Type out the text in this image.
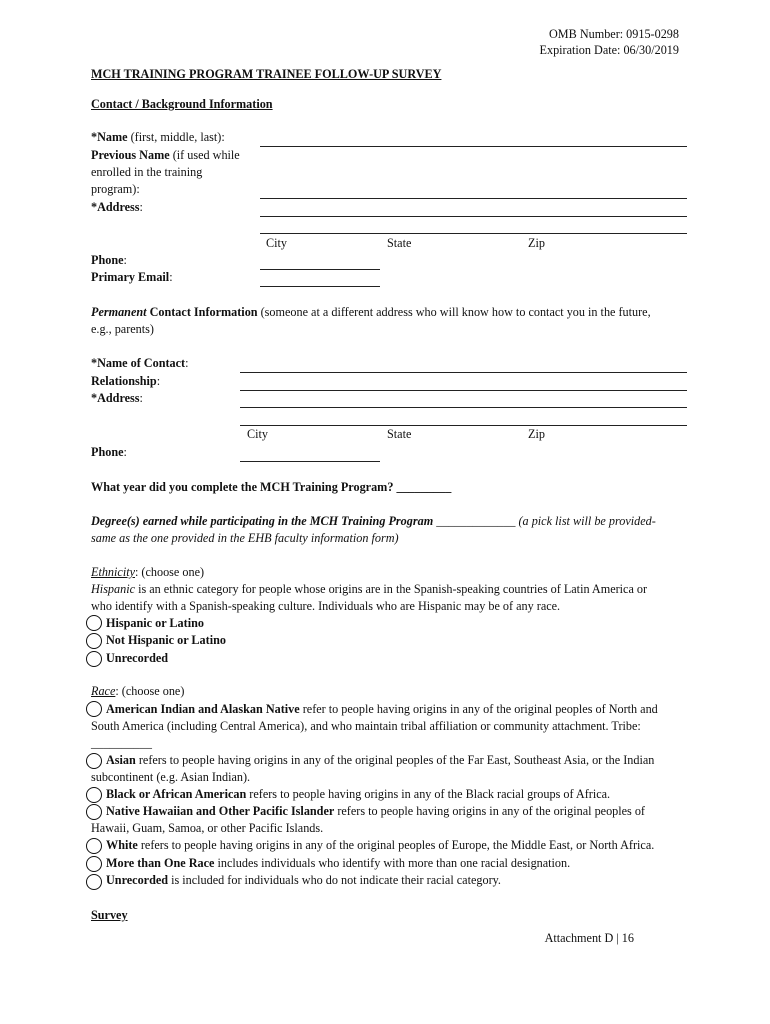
OMB Number: 0915-0298
Expiration Date: 06/30/2019
MCH TRAINING PROGRAM TRAINEE FOLLOW-UP SURVEY
Contact / Background Information
*Name (first, middle, last):
Previous Name (if used while
enrolled in the training
program):
*Address:
City	State	Zip
Phone:
Primary Email:
Permanent Contact Information (someone at a different address who will know how to contact you in the future,
e.g., parents)
*Name of Contact:
Relationship:
*Address:
City	State	Zip
Phone:
What year did you complete the MCH Training Program? _________
Degree(s) earned while participating in the MCH Training Program _____________ (a pick list will be provided-
same as the one provided in the EHB faculty information form)
Ethnicity: (choose one)
Hispanic is an ethnic category for people whose origins are in the Spanish-speaking countries of Latin America or
who identify with a Spanish-speaking culture. Individuals who are Hispanic may be of any race.
Hispanic or Latino
Not Hispanic or Latino
Unrecorded
Race: (choose one)
American Indian and Alaskan Native refer to people having origins in any of the original peoples of North and
South America (including Central America), and who maintain tribal affiliation or community attachment. Tribe:
__________
Asian refers to people having origins in any of the original peoples of the Far East, Southeast Asia, or the Indian
subcontinent (e.g. Asian Indian).
Black or African American refers to people having origins in any of the Black racial groups of Africa.
Native Hawaiian and Other Pacific Islander refers to people having origins in any of the original peoples of
Hawaii, Guam, Samoa, or other Pacific Islands.
White refers to people having origins in any of the original peoples of Europe, the Middle East, or North Africa.
More than One Race includes individuals who identify with more than one racial designation.
Unrecorded is included for individuals who do not indicate their racial category.
Survey
Attachment D | 16
